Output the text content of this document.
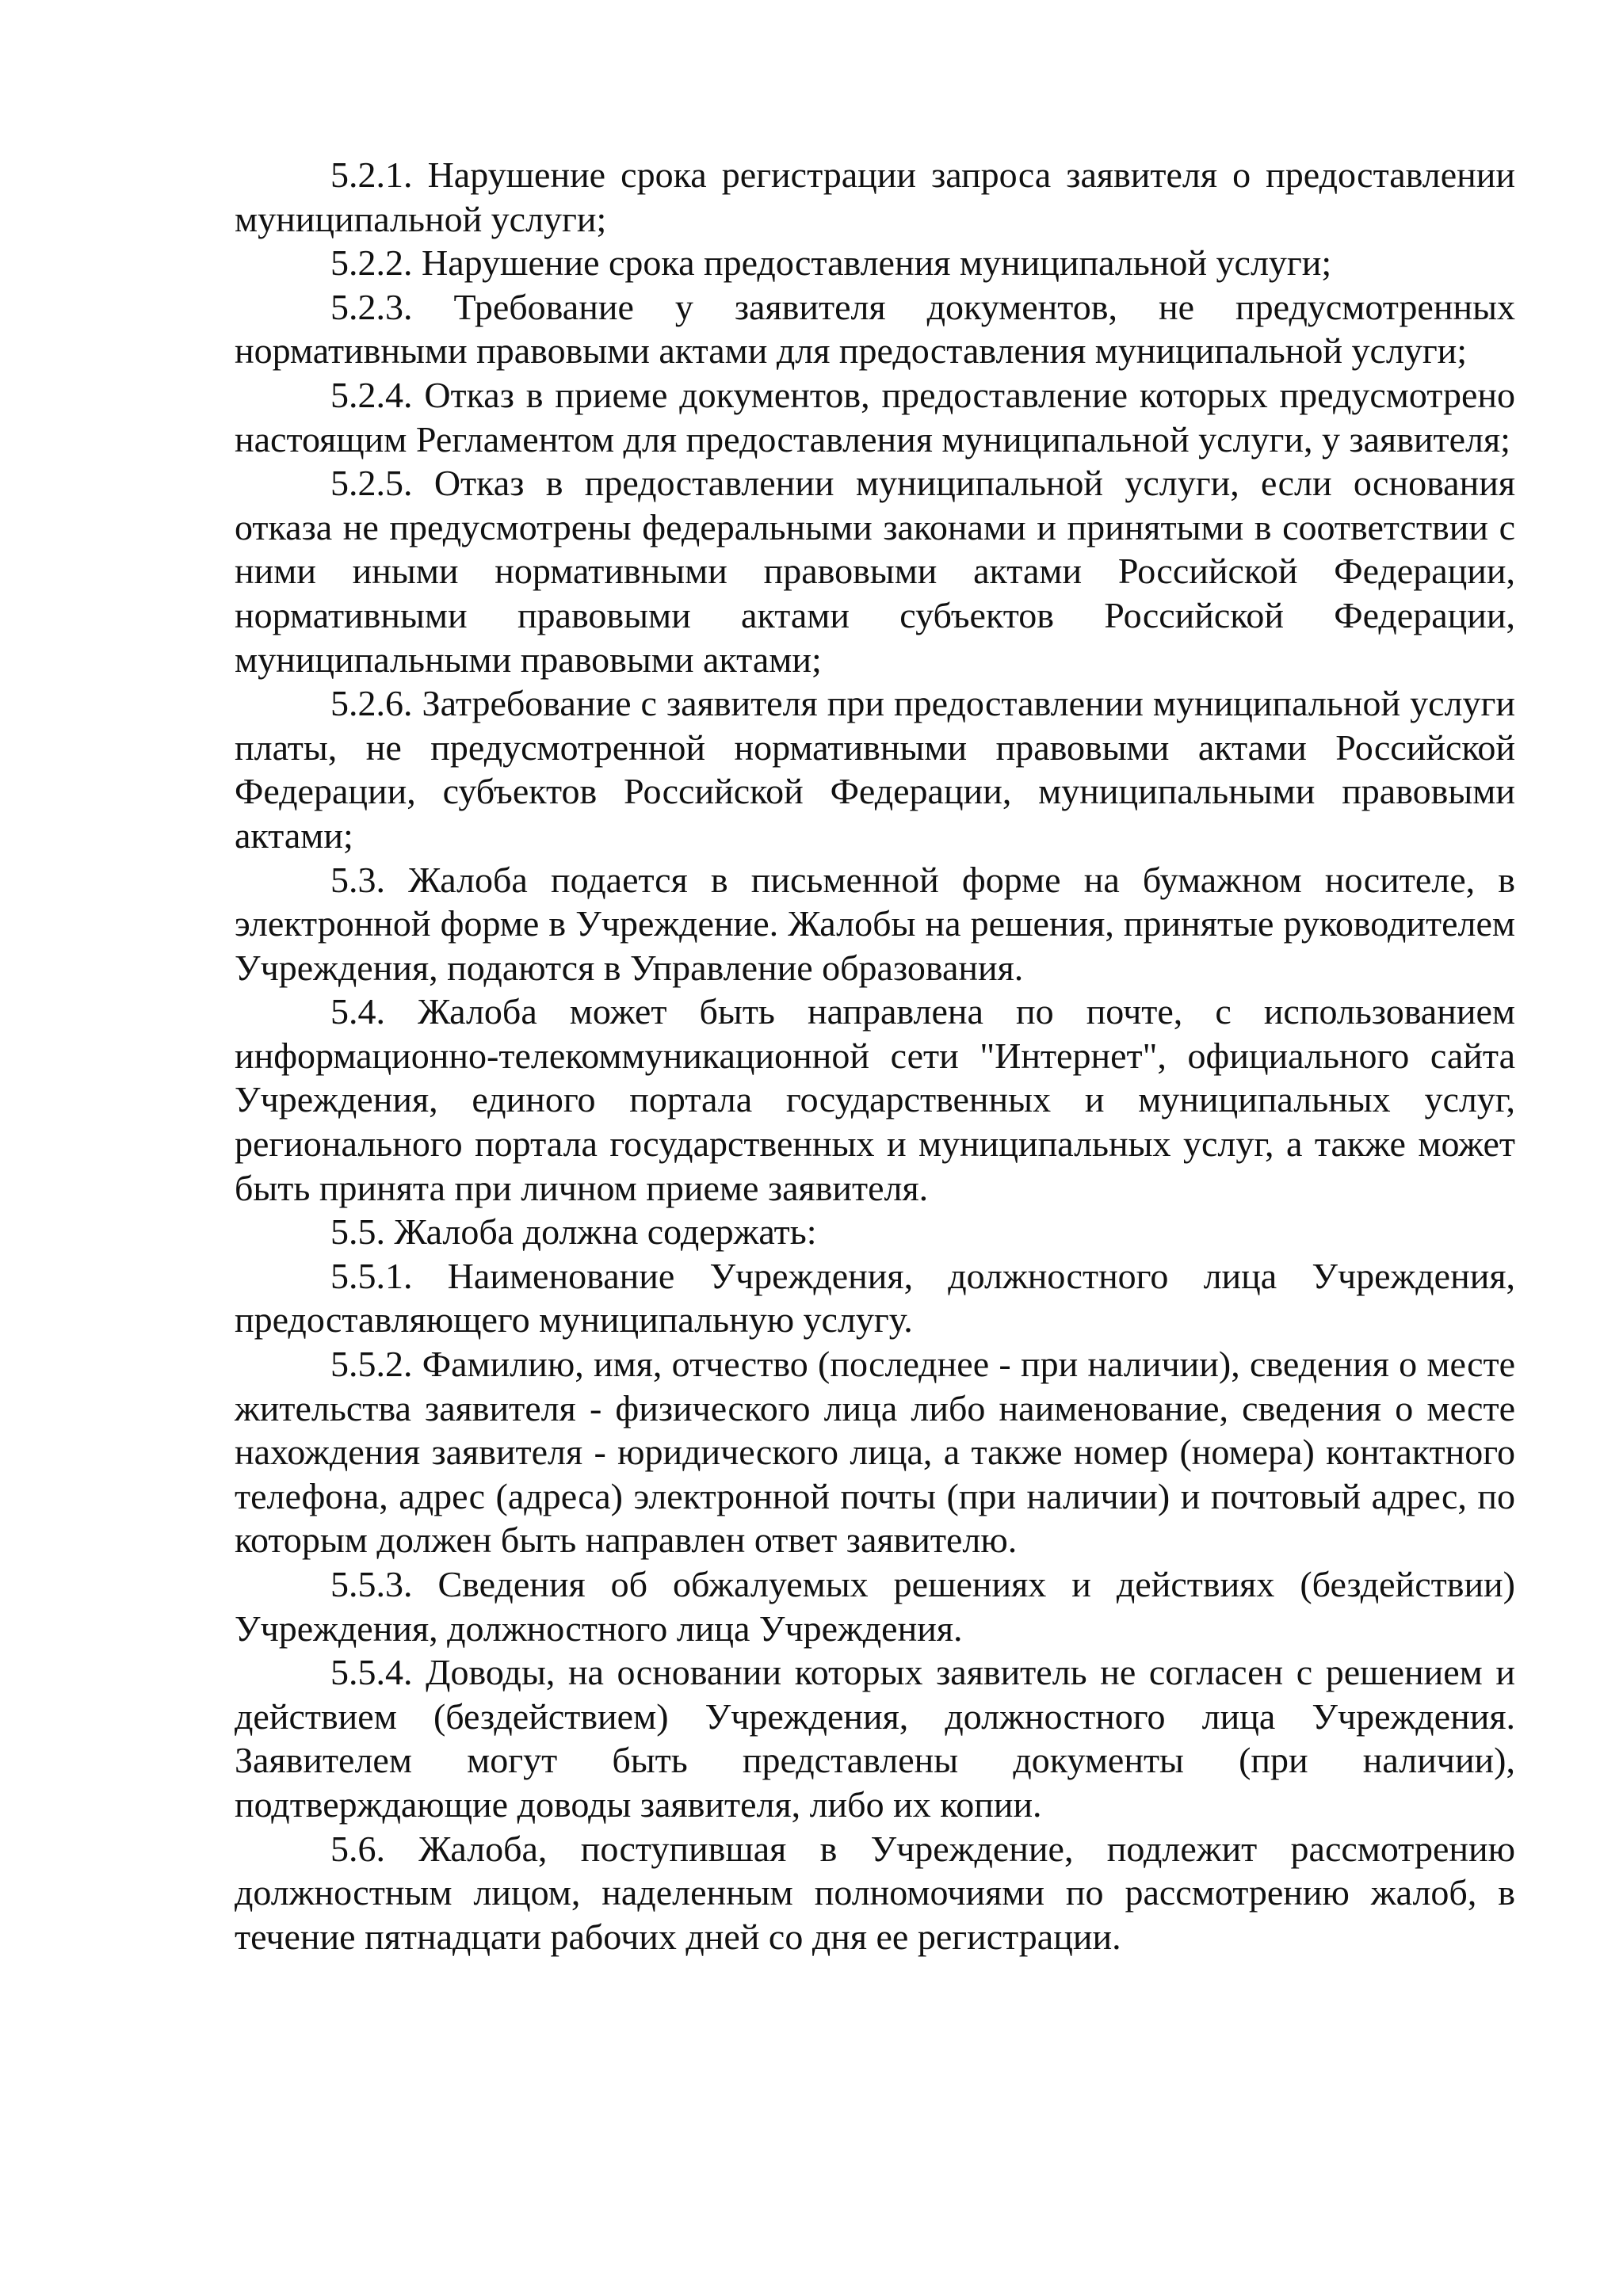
5.2.1. Нарушение срока регистрации запроса заявителя о предоставлении муниципальной услуги;

5.2.2. Нарушение срока предоставления муниципальной услуги;

5.2.3. Требование у заявителя документов, не предусмотренных нормативными правовыми актами для предоставления муниципальной услуги;

5.2.4. Отказ в приеме документов, предоставление которых предусмотрено настоящим Регламентом для предоставления муниципальной услуги, у заявителя;

5.2.5. Отказ в предоставлении муниципальной услуги, если основания отказа не предусмотрены федеральными законами и принятыми в соответствии с ними иными нормативными правовыми актами Российской Федерации, нормативными правовыми актами субъектов Российской Федерации, муниципальными правовыми актами;

5.2.6. Затребование с заявителя при предоставлении муниципальной услуги платы, не предусмотренной нормативными правовыми актами Российской Федерации, субъектов Российской Федерации, муниципальными правовыми актами;

5.3. Жалоба подается в письменной форме на бумажном носителе, в электронной форме в Учреждение. Жалобы на решения, принятые руководителем Учреждения, подаются в Управление образования.

5.4. Жалоба может быть направлена по почте, с использованием информационно-телекоммуникационной сети "Интернет", официального сайта Учреждения, единого портала государственных и муниципальных услуг, регионального портала государственных и муниципальных услуг, а также может быть принята при личном приеме заявителя.

5.5. Жалоба должна содержать:

5.5.1. Наименование Учреждения, должностного лица Учреждения, предоставляющего муниципальную услугу.

5.5.2. Фамилию, имя, отчество (последнее - при наличии), сведения о месте жительства заявителя - физического лица либо наименование, сведения о месте нахождения заявителя - юридического лица, а также номер (номера) контактного телефона, адрес (адреса) электронной почты (при наличии) и почтовый адрес, по которым должен быть направлен ответ заявителю.

5.5.3. Сведения об обжалуемых решениях и действиях (бездействии) Учреждения, должностного лица Учреждения.

5.5.4. Доводы, на основании которых заявитель не согласен с решением и действием (бездействием) Учреждения, должностного лица Учреждения. Заявителем могут быть представлены документы (при наличии), подтверждающие доводы заявителя, либо их копии.

5.6. Жалоба, поступившая в Учреждение, подлежит рассмотрению должностным лицом, наделенным полномочиями по рассмотрению жалоб, в течение пятнадцати рабочих дней со дня ее регистрации.
